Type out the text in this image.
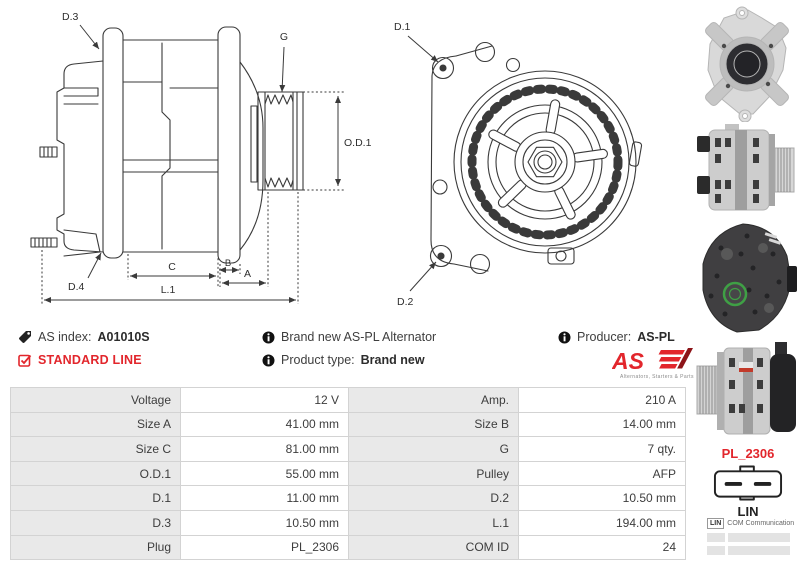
D.3
D.4
G
O.D.1
C	B
A
L.1
D.1
D.2
AS index: A01010S
STANDARD LINE
Brand new AS-PL Alternator
Product type: Brand new
Producer: AS-PL
AS
Alternators, Starters & Parts
Voltage	12 V	Amp.	210 A
Size A	41.00 mm	Size B	14.00 mm
Size C	81.00 mm	G	7 qty.
O.D.1	55.00 mm	Pulley	AFP
D.1	11.00 mm	D.2	10.50 mm
D.3	10.50 mm	L.1	194.00 mm
Plug	PL_2306	COM ID	24
PL_2306
LIN
LIN COM Communication
